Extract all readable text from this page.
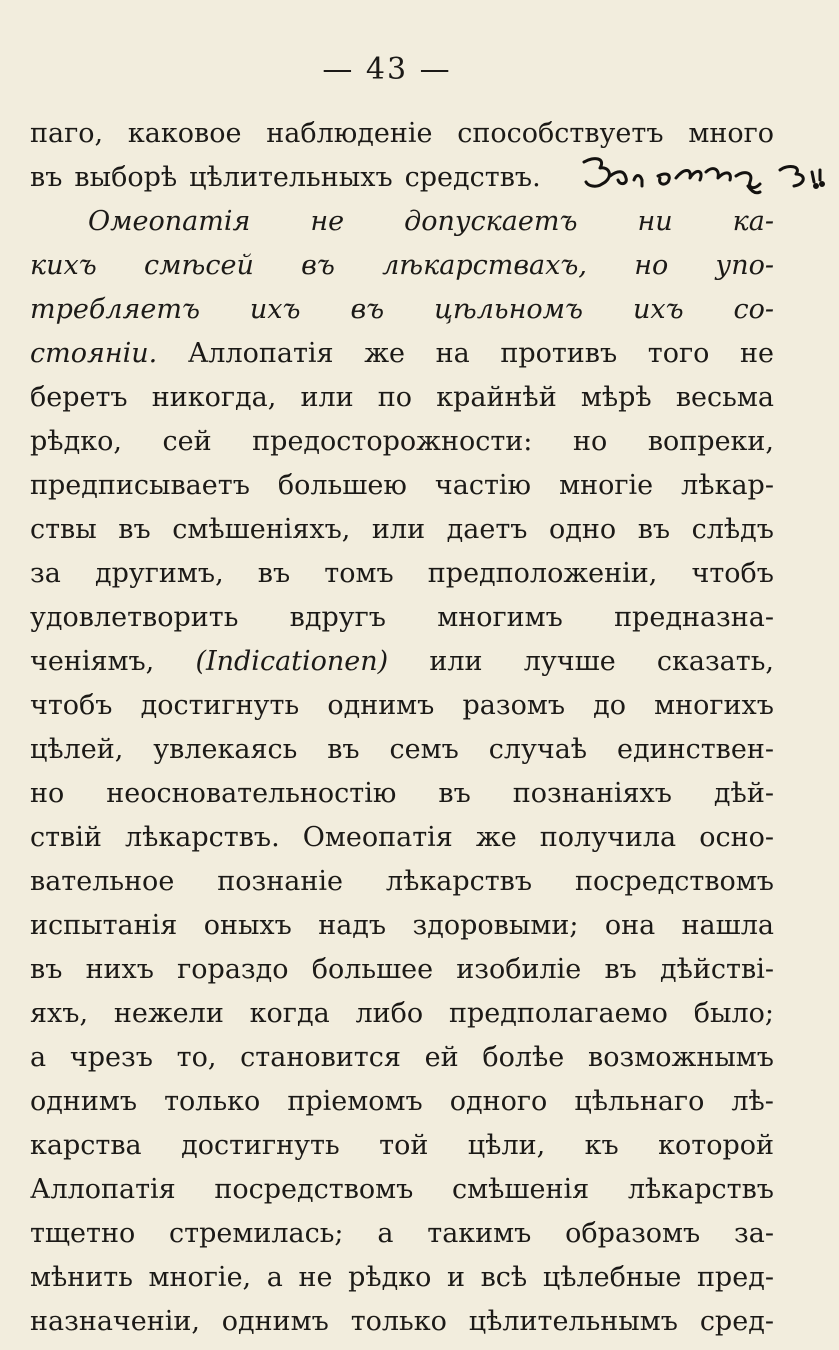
— 43 —
паго, каковое наблюденіе способствуетъ много
въ выборѣ цѣлительныхъ средствъ.
Омеопатія не допускаетъ ни ка-
кихъ смѣсей въ лѣкарствахъ, но упо-
требляетъ ихъ въ цѣльномъ ихъ со-
стояніи. Аллопатія же на противъ того не
беретъ никогда, или по крайнѣй мѣрѣ весьма
рѣдко, сей предосторожности: но вопреки,
предписываетъ большею частію многіе лѣкар-
ствы въ смѣшеніяхъ, или даетъ одно въ слѣдъ
за другимъ, въ томъ предположеніи, чтобъ
удовлетворить вдругъ многимъ предназна-
ченіямъ, (Indicationen) или лучше сказать,
чтобъ достигнуть однимъ разомъ до многихъ
цѣлей, увлекаясь въ семъ случаѣ единствен-
но неосновательностію въ познаніяхъ дѣй-
ствій лѣкарствъ. Омеопатія же получила осно-
вательное познаніе лѣкарствъ посредствомъ
испытанія оныхъ надъ здоровыми; она нашла
въ нихъ гораздо большее изобиліе въ дѣйстві-
яхъ, нежели когда либо предполагаемо было;
а чрезъ то, становится ей болѣе возможнымъ
однимъ только пріемомъ одного цѣльнаго лѣ-
карства достигнуть той цѣли, къ которой
Аллопатія посредствомъ смѣшенія лѣкарствъ
тщетно стремилась; а такимъ образомъ за-
мѣнить многіе, а не рѣдко и всѣ цѣлебные пред-
назначеніи, однимъ только цѣлительнымъ сред-
